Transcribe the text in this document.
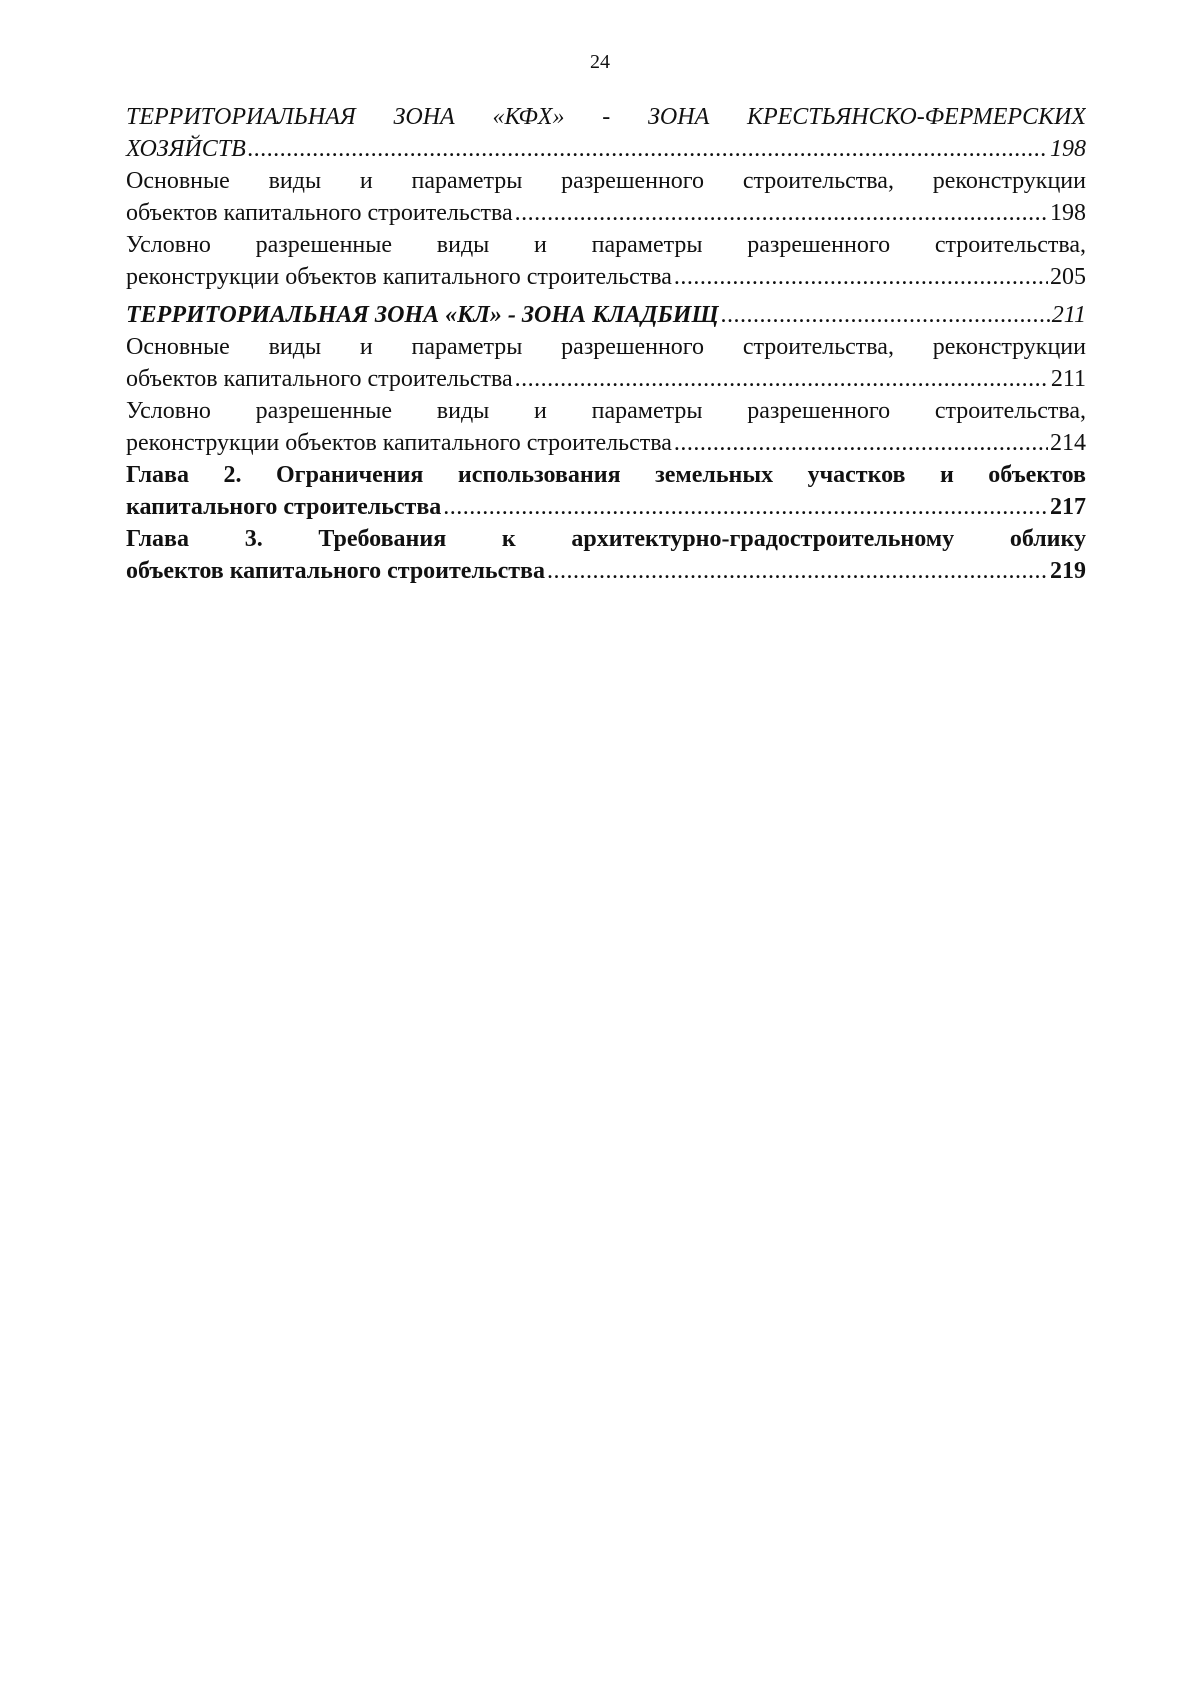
24
ТЕРРИТОРИАЛЬНАЯ ЗОНА «КФХ» - ЗОНА КРЕСТЬЯНСКО-ФЕРМЕРСКИХ
ХОЗЯЙСТВ .....	198
Основные виды и параметры разрешенного строительства, реконструкции
объектов капитального строительства .....	198
Условно разрешенные виды и параметры разрешенного строительства,
реконструкции объектов капитального строительства .....	205
ТЕРРИТОРИАЛЬНАЯ ЗОНА «КЛ» - ЗОНА КЛАДБИЩ .....	211
Основные виды и параметры разрешенного строительства, реконструкции
объектов капитального строительства .....	211
Условно разрешенные виды и параметры разрешенного строительства,
реконструкции объектов капитального строительства .....	214
Глава 2. Ограничения использования земельных участков и объектов
капитального строительства .....	217
Глава 3. Требования к архитектурно-градостроительному облику
объектов капитального строительства .....	219
